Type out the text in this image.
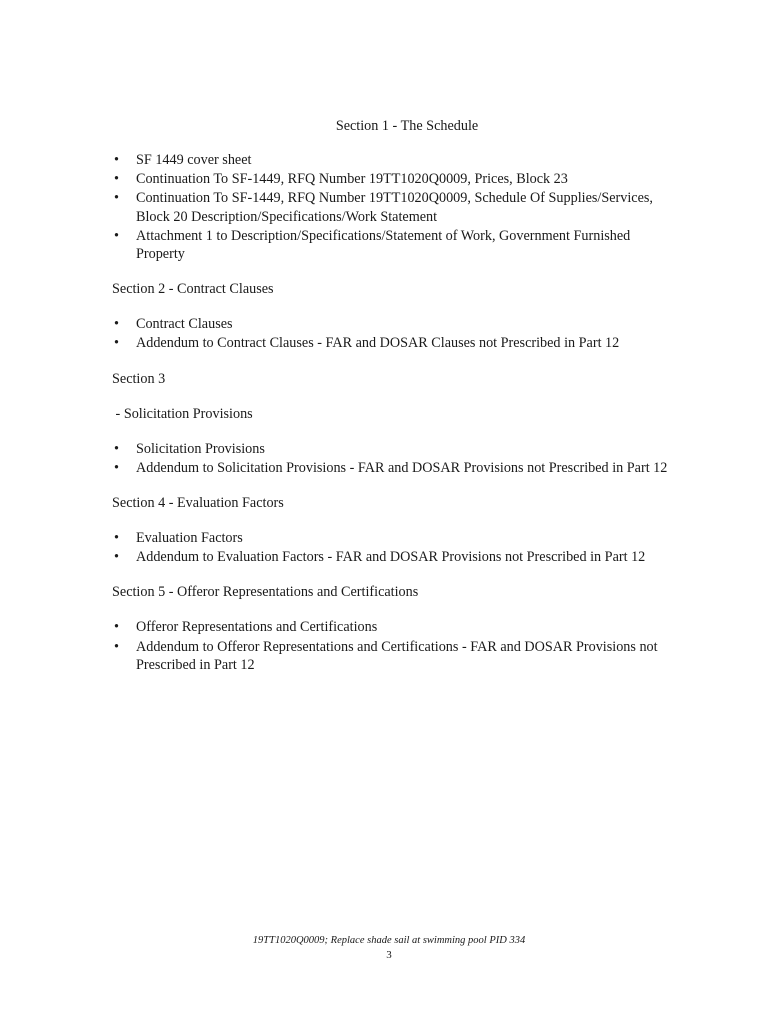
Section 1 - The Schedule
• SF 1449 cover sheet
• Continuation To SF-1449, RFQ Number 19TT1020Q0009, Prices, Block 23
• Continuation To SF-1449, RFQ Number 19TT1020Q0009, Schedule Of Supplies/Services, Block 20 Description/Specifications/Work Statement
• Attachment 1 to Description/Specifications/Statement of Work, Government Furnished Property
Section 2 - Contract Clauses
• Contract Clauses
• Addendum to Contract Clauses - FAR and DOSAR Clauses not Prescribed in Part 12
Section 3
- Solicitation Provisions
• Solicitation Provisions
• Addendum to Solicitation Provisions - FAR and DOSAR Provisions not Prescribed in Part 12
Section 4 - Evaluation Factors
• Evaluation Factors
• Addendum to Evaluation Factors - FAR and DOSAR Provisions not Prescribed in Part 12
Section 5 - Offeror Representations and Certifications
• Offeror Representations and Certifications
• Addendum to Offeror Representations and Certifications - FAR and DOSAR Provisions not Prescribed in Part 12
19TT1020Q0009; Replace shade sail at swimming pool PID 334
3
